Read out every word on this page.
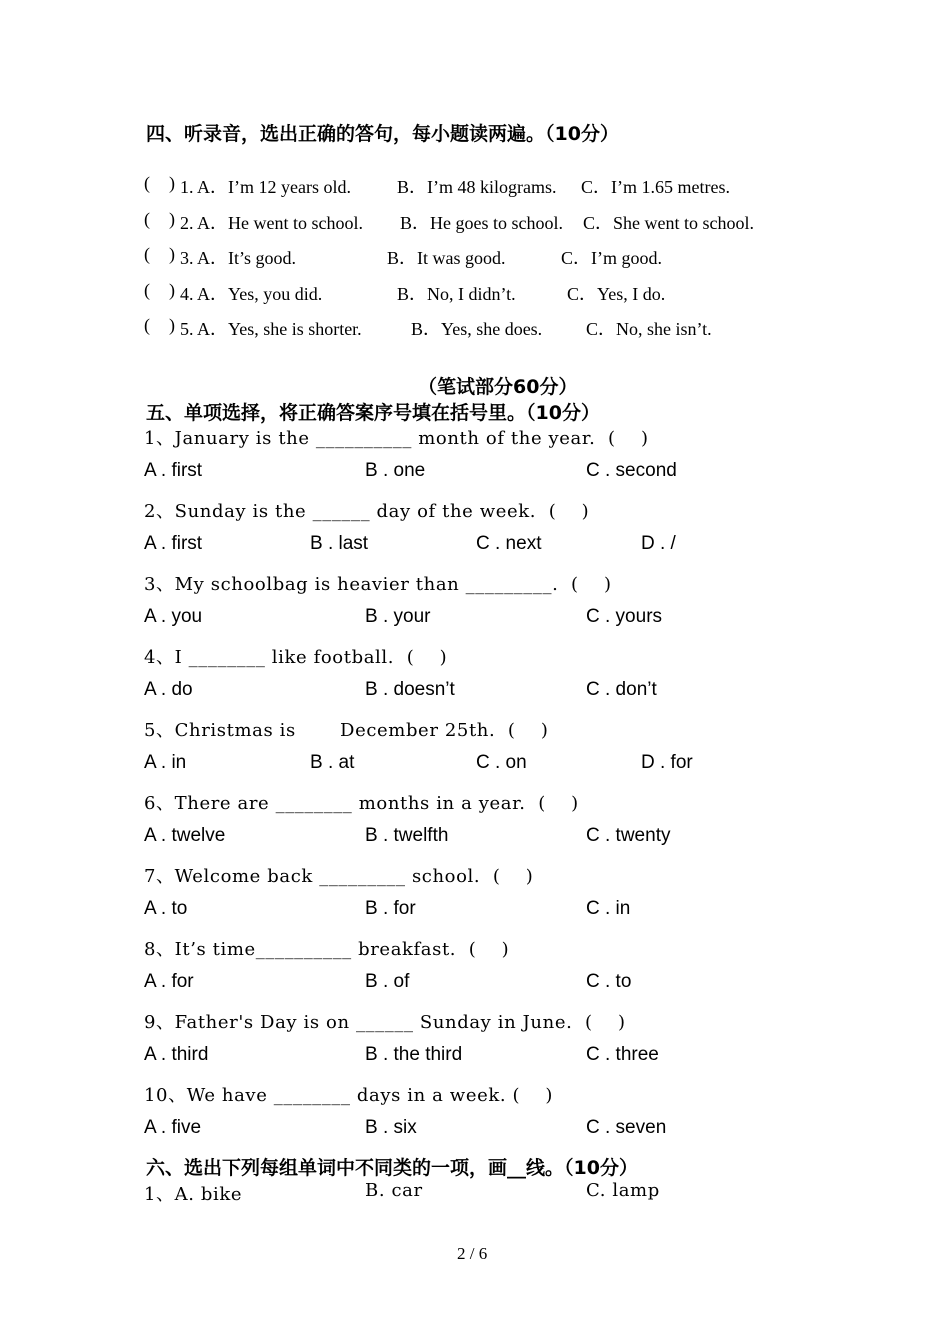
四、听录音，选出正确的答句，每小题读两遍。（10分）
( ) 1. A．I’m 12 years old.	B．I’m 48 kilograms. C．I’m 1.65 metres.
( ) 2. A．He went to school. B．He goes to school. C．She went to school.
( ) 3. A．It’s good.	B．It was good.	C．I’m good.
( ) 4. A．Yes, you did.	B．No, I didn’t.	C．Yes, I do.
( ) 5. A．Yes, she is shorter.	B．Yes, she does. C．No, she isn’t.
（笔试部分60分）
五、单项选择，将正确答案序号填在括号里。（10分）
1、January is the __________ month of the year.  (    )
A . first	B . one	C . second
2、Sunday is the ______ day of the week.  (    )
A . first	B . last	C . next	D . /
3、My schoolbag is heavier than _________.  (    )
A . you	B . your	C . yours
4、I ________ like football.  (    )
A . do	B . doesn’t	C . don’t
5、Christmas is       December 25th.  (    )
A . in	B . at	C . on	D . for
6、There are ________ months in a year.  (    )
A . twelve	B . twelfth	C . twenty
7、Welcome back _________ school.  (    )
A . to	B . for	C . in
8、It’s time__________ breakfast.  (    )
A . for	B . of	C . to
9、Father's Day is on ______ Sunday in June.  (    )
A . third	B . the third	C . three
10、We have ________ days in a week. (    )
A . five	B . six	C . seven
六、选出下列每组单词中不同类的一项，画__线。（10分）
1、A. bike	B. car	C. lamp
2 / 6
